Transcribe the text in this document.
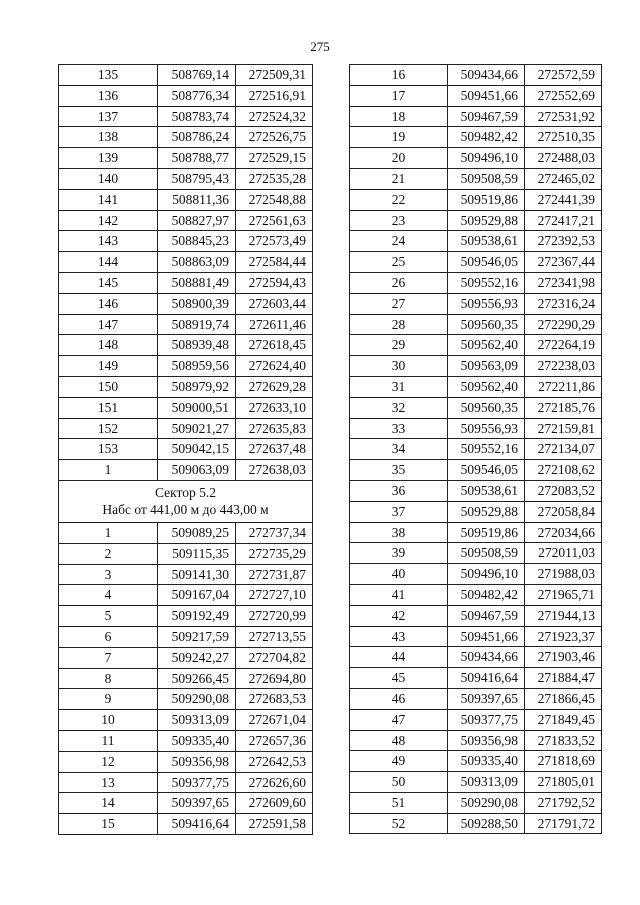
275
135	508769,14	272509,31
136	508776,34	272516,91
137	508783,74	272524,32
138	508786,24	272526,75
139	508788,77	272529,15
140	508795,43	272535,28
141	508811,36	272548,88
142	508827,97	272561,63
143	508845,23	272573,49
144	508863,09	272584,44
145	508881,49	272594,43
146	508900,39	272603,44
147	508919,74	272611,46
148	508939,48	272618,45
149	508959,56	272624,40
150	508979,92	272629,28
151	509000,51	272633,10
152	509021,27	272635,83
153	509042,15	272637,48
1	509063,09	272638,03

Сектор 5.2
Набс от 441,00 м до 443,00 м		

1	509089,25	272737,34
2	509115,35	272735,29
3	509141,30	272731,87
4	509167,04	272727,10
5	509192,49	272720,99
6	509217,59	272713,55
7	509242,27	272704,82
8	509266,45	272694,80
9	509290,08	272683,53
10	509313,09	272671,04
11	509335,40	272657,36
12	509356,98	272642,53
13	509377,75	272626,60
14	509397,65	272609,60
15	509416,64	272591,58
16	509434,66	272572,59
17	509451,66	272552,69
18	509467,59	272531,92
19	509482,42	272510,35
20	509496,10	272488,03
21	509508,59	272465,02
22	509519,86	272441,39
23	509529,88	272417,21
24	509538,61	272392,53
25	509546,05	272367,44
26	509552,16	272341,98
27	509556,93	272316,24
28	509560,35	272290,29
29	509562,40	272264,19
30	509563,09	272238,03
31	509562,40	272211,86
32	509560,35	272185,76
33	509556,93	272159,81
34	509552,16	272134,07
35	509546,05	272108,62
36	509538,61	272083,52
37	509529,88	272058,84
38	509519,86	272034,66
39	509508,59	272011,03
40	509496,10	271988,03
41	509482,42	271965,71
42	509467,59	271944,13
43	509451,66	271923,37
44	509434,66	271903,46
45	509416,64	271884,47
46	509397,65	271866,45
47	509377,75	271849,45
48	509356,98	271833,52
49	509335,40	271818,69
50	509313,09	271805,01
51	509290,08	271792,52
52	509288,50	271791,72
